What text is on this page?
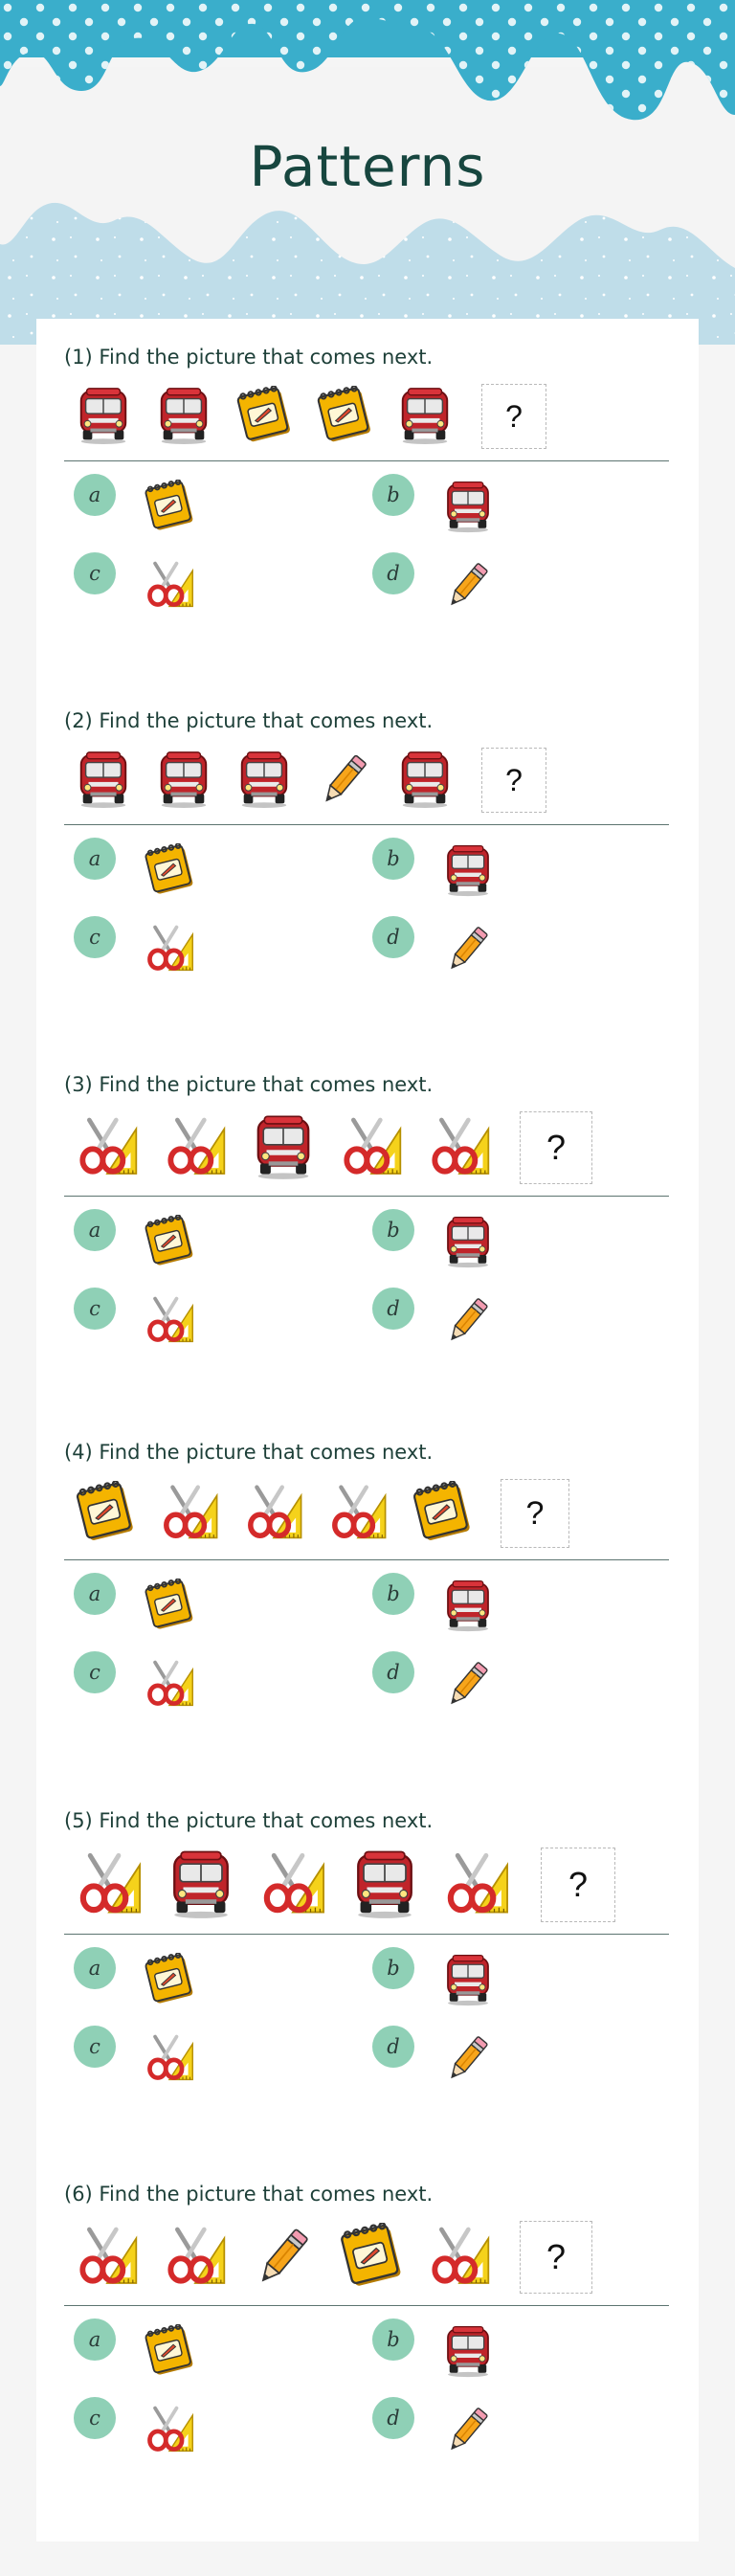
Patterns

(1) Find the picture that comes next.

?
a	b
c	d

(2) Find the picture that comes next.

?
a	b
c	d

(3) Find the picture that comes next.

?
a	b
c	d

(4) Find the picture that comes next.

?
a	b
c	d

(5) Find the picture that comes next.

?
a	b
c	d

(6) Find the picture that comes next.

?
a	b
c	d
